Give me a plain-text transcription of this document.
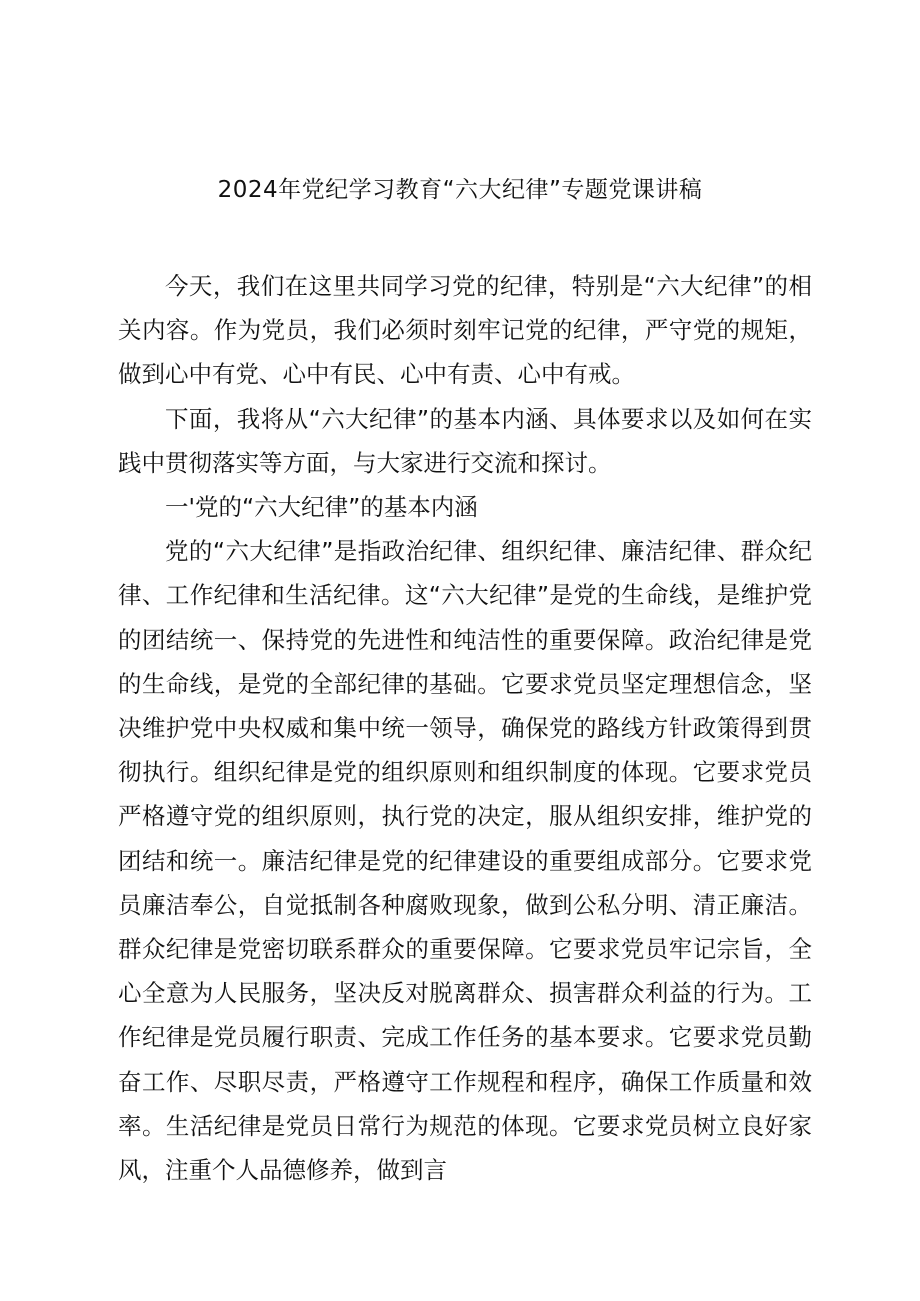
2024年党纪学习教育“六大纪律”专题党课讲稿

今天，我们在这里共同学习党的纪律，特别是“六大纪律”的相关内容。作为党员，我们必须时刻牢记党的纪律，严守党的规矩，做到心中有党、心中有民、心中有责、心中有戒。

下面，我将从“六大纪律”的基本内涵、具体要求以及如何在实践中贯彻落实等方面，与大家进行交流和探讨。

一'党的“六大纪律”的基本内涵

党的“六大纪律”是指政治纪律、组织纪律、廉洁纪律、群众纪律、工作纪律和生活纪律。这“六大纪律”是党的生命线，是维护党的团结统一、保持党的先进性和纯洁性的重要保障。政治纪律是党的生命线，是党的全部纪律的基础。它要求党员坚定理想信念，坚决维护党中央权威和集中统一领导，确保党的路线方针政策得到贯彻执行。组织纪律是党的组织原则和组织制度的体现。它要求党员严格遵守党的组织原则，执行党的决定，服从组织安排，维护党的团结和统一。廉洁纪律是党的纪律建设的重要组成部分。它要求党员廉洁奉公，自觉抵制各种腐败现象，做到公私分明、清正廉洁。群众纪律是党密切联系群众的重要保障。它要求党员牢记宗旨，全心全意为人民服务，坚决反对脱离群众、损害群众利益的行为。工作纪律是党员履行职责、完成工作任务的基本要求。它要求党员勤奋工作、尽职尽责，严格遵守工作规程和程序，确保工作质量和效率。生活纪律是党员日常行为规范的体现。它要求党员树立良好家风，注重个人品德修养，做到言
